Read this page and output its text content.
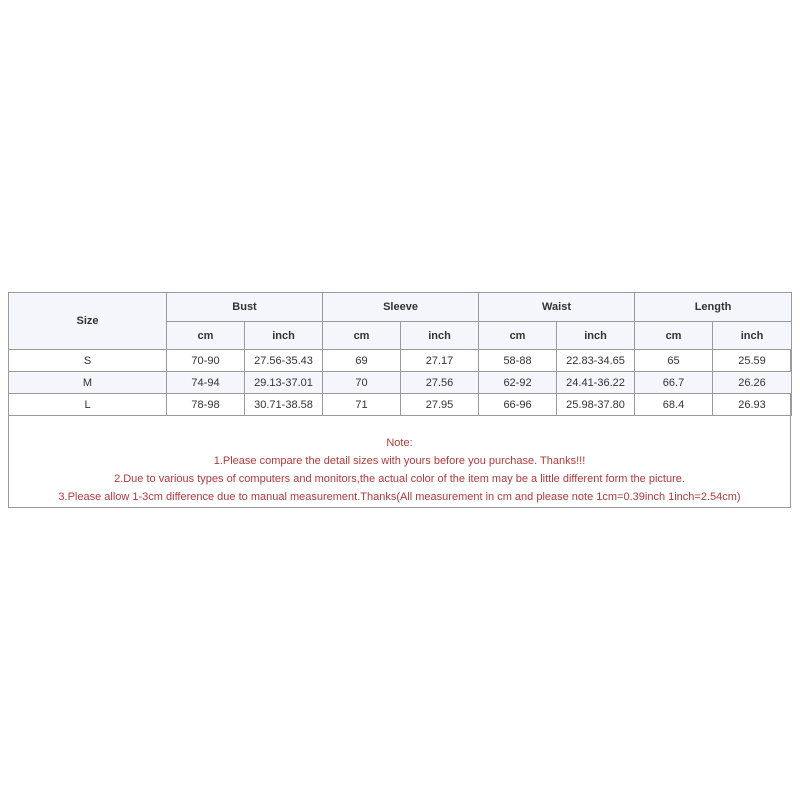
Size	Bust		Sleeve		Waist		Length	
	cm	inch	cm	inch	cm	inch	cm	inch
S	70-90	27.56-35.43	69	27.17	58-88	22.83-34.65	65	25.59
M	74-94	29.13-37.01	70	27.56	62-92	24.41-36.22	66.7	26.26
L	78-98	30.71-38.58	71	27.95	66-96	25.98-37.80	68.4	26.93
Note:
1.Please compare the detail sizes with yours before you purchase. Thanks!!!
2.Due to various types of computers and monitors,the actual color of the item may be a little different form the picture.
3.Please allow 1-3cm difference due to manual measurement.Thanks(All measurement in cm and please note 1cm=0.39inch 1inch=2.54cm)
